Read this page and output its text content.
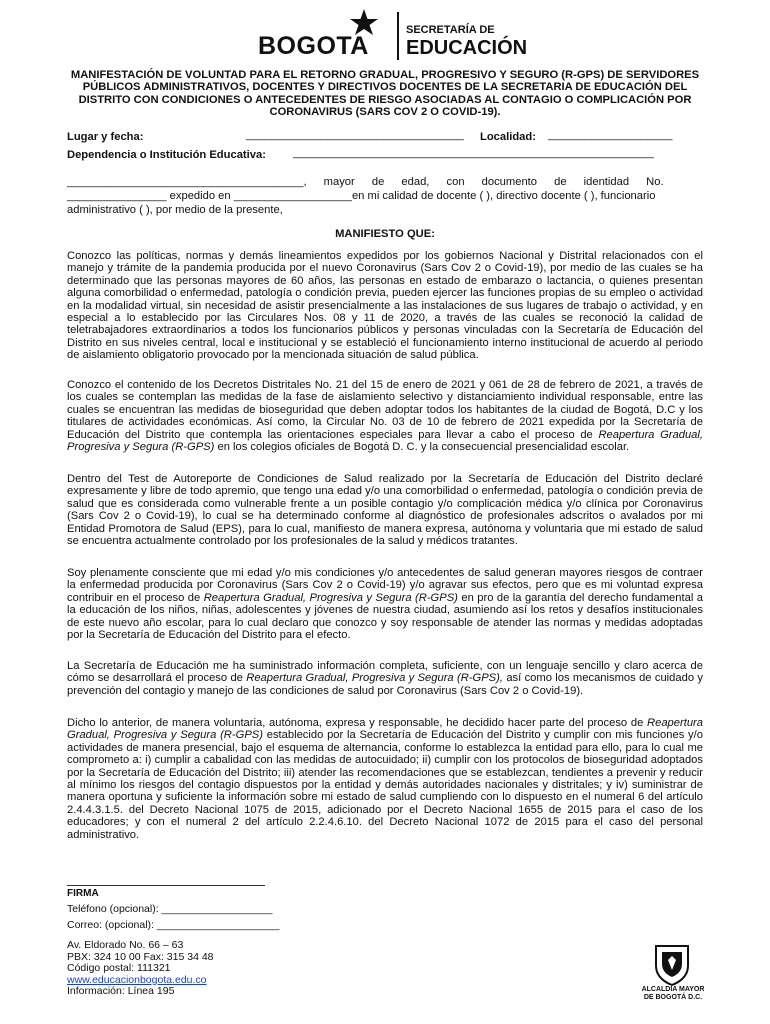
BOGOTA
SECRETARÍA DE
EDUCACIÓN
MANIFESTACIÓN DE VOLUNTAD PARA EL RETORNO GRADUAL, PROGRESIVO Y SEGURO (R-GPS) DE SERVIDORES PÚBLICOS ADMINISTRATIVOS, DOCENTES Y DIRECTIVOS DOCENTES DE LA SECRETARIA DE EDUCACIÓN DEL DISTRITO CON CONDICIONES O ANTECEDENTES DE RIESGO ASOCIADAS AL CONTAGIO O COMPLICACIÓN POR CORONAVIRUS (SARS COV 2 O COVID-19).
Lugar y fecha:	___________________________________ Localidad: ____________________
Dependencia o Institución Educativa: __________________________________________________________
______________________________________, mayor de edad, con documento de identidad No.
________________ expedido en ___________________en mi calidad de docente ( ), directivo docente ( ), funcionario
administrativo ( ), por medio de la presente,
MANIFIESTO QUE:
Conozco las políticas, normas y demás lineamientos expedidos por los gobiernos Nacional y Distrital relacionados con el manejo y trámite de la pandemia producida por el nuevo Coronavirus (Sars Cov 2 o Covid-19), por medio de las cuales se ha determinado que las personas mayores de 60 años, las personas en estado de embarazo o lactancia, o quienes presentan alguna comorbilidad o enfermedad, patología o condición previa, pueden ejercer las funciones propias de su empleo o actividad en la modalidad virtual, sin necesidad de asistir presencialmente a las instalaciones de sus lugares de trabajo o actividad, y en especial a lo establecido por las Circulares Nos. 08 y 11 de 2020, a través de las cuales se reconoció la calidad de teletrabajadores extraordinarios a todos los funcionarios públicos y personas vinculadas con la Secretaría de Educación del Distrito en sus niveles central, local e institucional y se estableció el funcionamiento interno institucional de acuerdo al periodo de aislamiento obligatorio provocado por la mencionada situación de salud pública.
Conozco el contenido de los Decretos Distritales No. 21 del 15 de enero de 2021 y 061 de 28 de febrero de 2021, a través de los cuales se contemplan las medidas de la fase de aislamiento selectivo y distanciamiento individual responsable, entre las cuales se encuentran las medidas de bioseguridad que deben adoptar todos los habitantes de la ciudad de Bogotá, D.C y los titulares de actividades económicas. Así como, la Circular No. 03 de 10 de febrero de 2021 expedida por la Secretaría de Educación del Distrito que contempla las orientaciones especiales para llevar a cabo el proceso de Reapertura Gradual, Progresiva y Segura (R-GPS) en los colegios oficiales de Bogotá D. C. y la consecuencial presencialidad escolar.
Dentro del Test de Autoreporte de Condiciones de Salud realizado por la Secretaría de Educación del Distrito declaré expresamente y libre de todo apremio, que tengo una edad y/o una comorbilidad o enfermedad, patología o condición previa de salud que es considerada como vulnerable frente a un posible contagio y/o complicación médica y/o clínica por Coronavirus (Sars Cov 2 o Covid-19), lo cual se ha determinado conforme al diagnóstico de profesionales adscritos o avalados por mi Entidad Promotora de Salud (EPS), para lo cual, manifiesto de manera expresa, autónoma y voluntaria que mi estado de salud se encuentra actualmente controlado por los profesionales de la salud y médicos tratantes.
Soy plenamente consciente que mi edad y/o mis condiciones y/o antecedentes de salud generan mayores riesgos de contraer la enfermedad producida por Coronavirus (Sars Cov 2 o Covid-19) y/o agravar sus efectos, pero que es mi voluntad expresa contribuir en el proceso de Reapertura Gradual, Progresiva y Segura (R-GPS) en pro de la garantía del derecho fundamental a la educación de los niños, niñas, adolescentes y jóvenes de nuestra ciudad, asumiendo así los retos y desafíos institucionales de este nuevo año escolar, para lo cual declaro que conozco y soy responsable de atender las normas y medidas adoptadas por la Secretaría de Educación del Distrito para el efecto.
La Secretaría de Educación me ha suministrado información completa, suficiente, con un lenguaje sencillo y claro acerca de cómo se desarrollará el proceso de Reapertura Gradual, Progresiva y Segura (R-GPS), así como los mecanismos de cuidado y prevención del contagio y manejo de las condiciones de salud por Coronavirus (Sars Cov 2 o Covid-19).
Dicho lo anterior, de manera voluntaria, autónoma, expresa y responsable, he decidido hacer parte del proceso de Reapertura Gradual, Progresiva y Segura (R-GPS) establecido por la Secretaría de Educación del Distrito y cumplir con mis funciones y/o actividades de manera presencial, bajo el esquema de alternancia, conforme lo establezca la entidad para ello, para lo cual me comprometo a: i) cumplir a cabalidad con las medidas de autocuidado; ii) cumplir con los protocolos de bioseguridad adoptados por la Secretaría de Educación del Distrito; iii) atender las recomendaciones que se establezcan, tendientes a prevenir y reducir al mínimo los riesgos del contagio dispuestos por la entidad y demás autoridades nacionales y distritales; y iv) suministrar de manera oportuna y suficiente la información sobre mi estado de salud cumpliendo con lo dispuesto en el numeral 6 del artículo 2.4.4.3.1.5. del Decreto Nacional 1075 de 2015, adicionado por el Decreto Nacional 1655 de 2015 para el caso de los educadores; y con el numeral 2 del artículo 2.2.4.6.10. del Decreto Nacional 1072 de 2015 para el caso del personal administrativo.
FIRMA
Teléfono (opcional): ___________________
Correo: (opcional): _____________________
Av. Eldorado No. 66 – 63
PBX: 324 10 00 Fax: 315 34 48
Código postal: 111321
www.educacionbogota.edu.co
Información: Línea 195	ALCALDÍA MAYOR
DE BOGOTÁ D.C.
